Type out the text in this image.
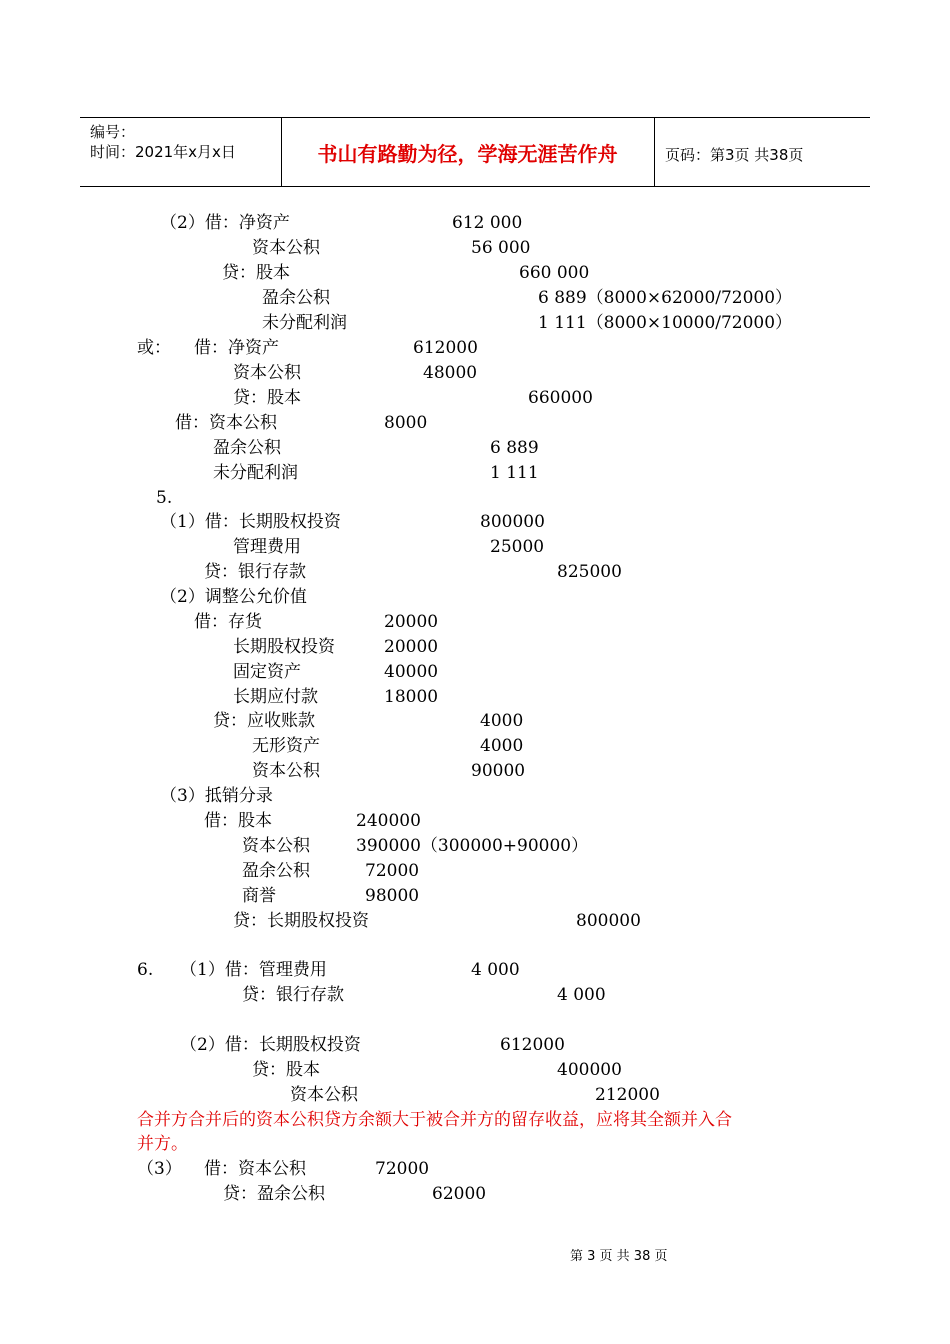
编号：
时间：2021年x月x日	书山有路勤为径，学海无涯苦作舟	页码：第3页 共38页
（2）借：净资产	612 000
资本公积	56 000
贷：股本	660 000
盈余公积	6 889（8000×62000/72000）
未分配利润	1 111（8000×10000/72000）
或： 借：净资产	612000
资本公积	48000
贷：股本	660000
借：资本公积	8000
盈余公积	6 889
未分配利润	1 111
5.
（1）借：长期股权投资	800000
管理费用	25000
贷：银行存款	825000
（2）调整公允价值
借：存货	20000
长期股权投资	20000
固定资产	40000
长期应付款	18000
贷：应收账款	4000
无形资产	4000
资本公积	90000
（3）抵销分录
借：股本	240000
资本公积	390000（300000+90000）
盈余公积	72000
商誉	98000
贷：长期股权投资	800000
6. （1）借：管理费用	4 000
贷：银行存款	4 000
（2）借：长期股权投资	612000
贷：股本	400000
资本公积	212000
合并方合并后的资本公积贷方余额大于被合并方的留存收益，应将其全额并入合
并方。
（3） 借：资本公积	72000
贷：盈余公积	62000
第 3 页 共 38 页
